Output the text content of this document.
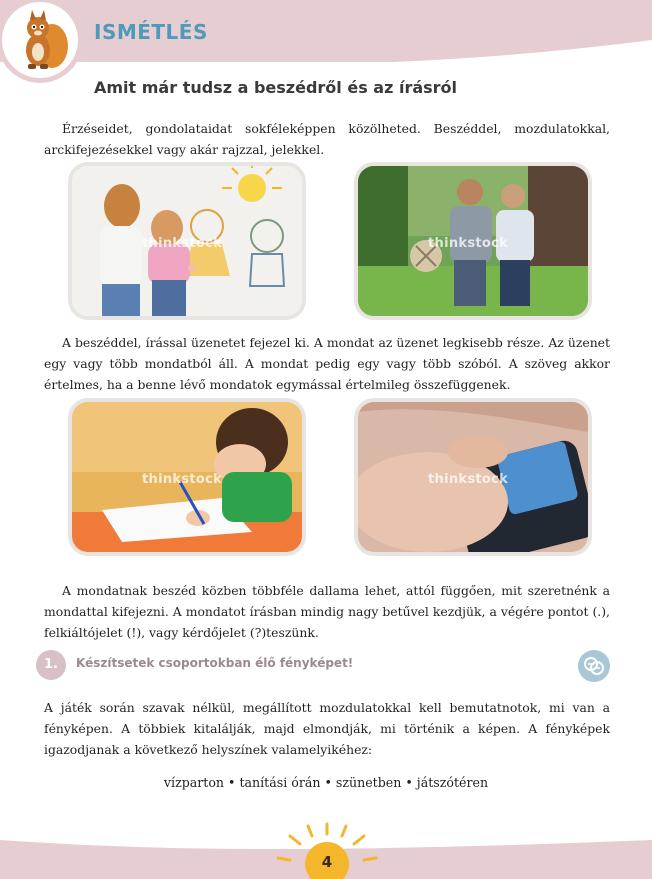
ISMÉTLÉS
Amit már tudsz a beszédről és az írásról

Érzéseidet, gondolataidat sokféleképpen közölheted. Beszéddel, mozdulatokkal, arckifejezésekkel vagy akár rajzzal, jelekkel.

thinkstock	thinkstock

A beszéddel, írással üzenetet fejezel ki. A mondat az üzenet legkisebb része. Az üzenet egy vagy több mondatból áll. A mondat pedig egy vagy több szóból. A szöveg akkor értelmes, ha a benne lévő mondatok egymással értelmileg összefüggenek.

thinkstock	thinkstock

A mondatnak beszéd közben többféle dallama lehet, attól függően, mit szeretnénk a mondattal kifejezni. A mondatot írásban mindig nagy betűvel kezdjük, a végére pontot (.), felkiáltójelet (!), vagy kérdőjelet (?)teszünk.

1.	Készítsetek csoportokban élő fényképet!

A játék során szavak nélkül, megállított mozdulatokkal kell bemutatnotok, mi van a fényképen. A többiek kitalálják, majd elmondják, mi történik a képen. A fényképek igazodjanak a következő helyszínek valamelyikéhez:

vízparton • tanítási órán • szünetben • játszótéren
4
